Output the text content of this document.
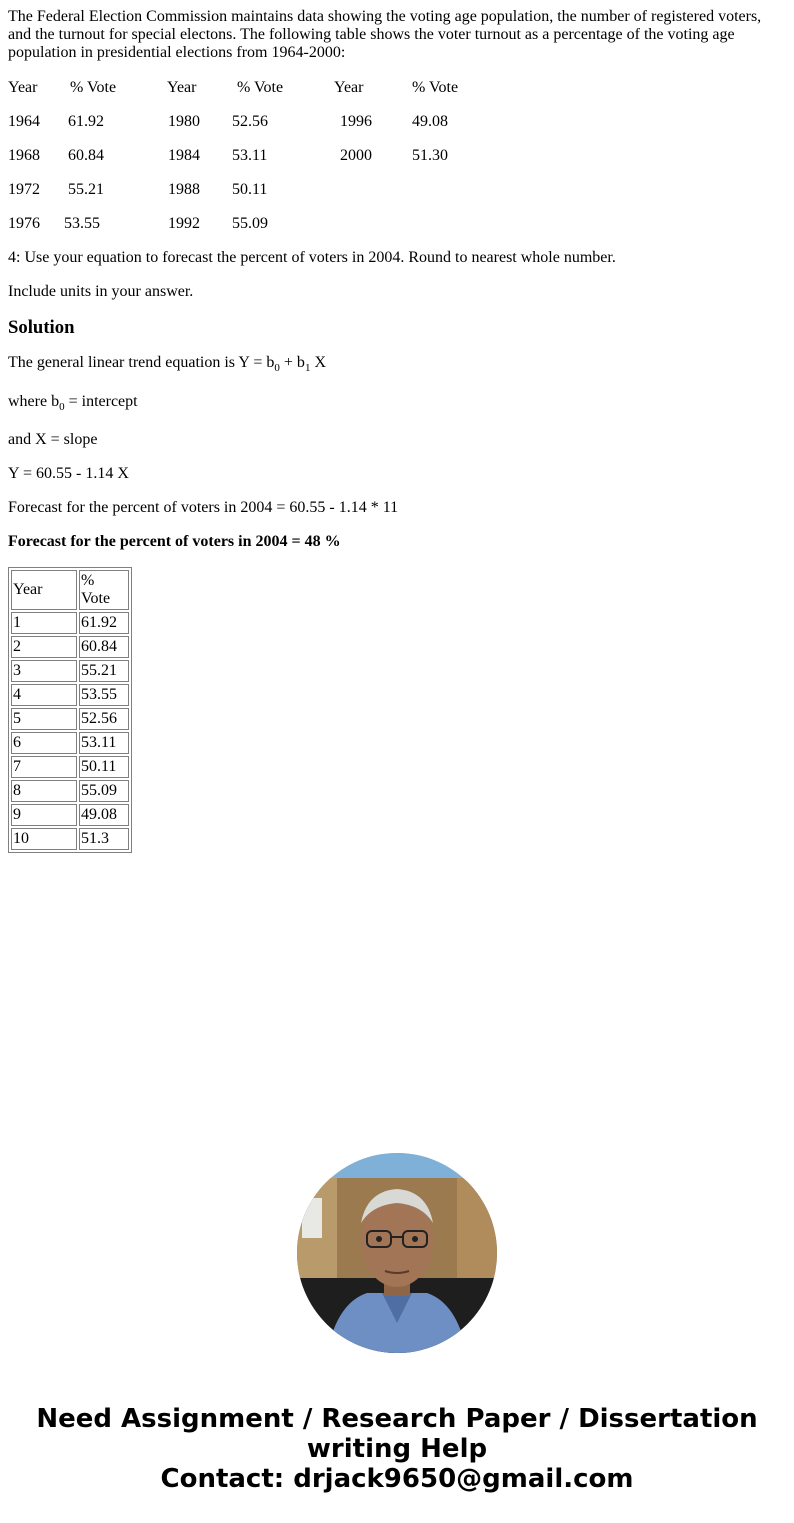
The Federal Election Commission maintains data showing the voting age population, the number of registered voters, and the turnout for special electons. The following table shows the voter turnout as a percentage of the voting age population in presidential elections from 1964-2000:

Year % Vote	Year	% Vote	Year	% Vote
1964 61.92	1980 52.56	1996	49.08
1968 60.84	1984 53.11	2000	51.30
1972 55.21	1988 50.11
1976 53.55	1992 55.09

4: Use your equation to forecast the percent of voters in 2004. Round to nearest whole number.

Include units in your answer.

Solution

The general linear trend equation is $Y = b_0 + b_1$ X

where $b_0$ = intercept

and X = slope

Y = 60.55 - 1.14 X

Forecast for the percent of voters in 2004 = 60.55 - 1.14 * 11

Forecast for the percent of voters in 2004 = 48 %

Year	% Vote
1	61.92
2	60.84
3	55.21
4	53.55
5	52.56
6	53.11
7	50.11
8	55.09
9	49.08
10	51.3
Need Assignment / Research Paper / Dissertation
writing Help
Contact: drjack9650@gmail.com
